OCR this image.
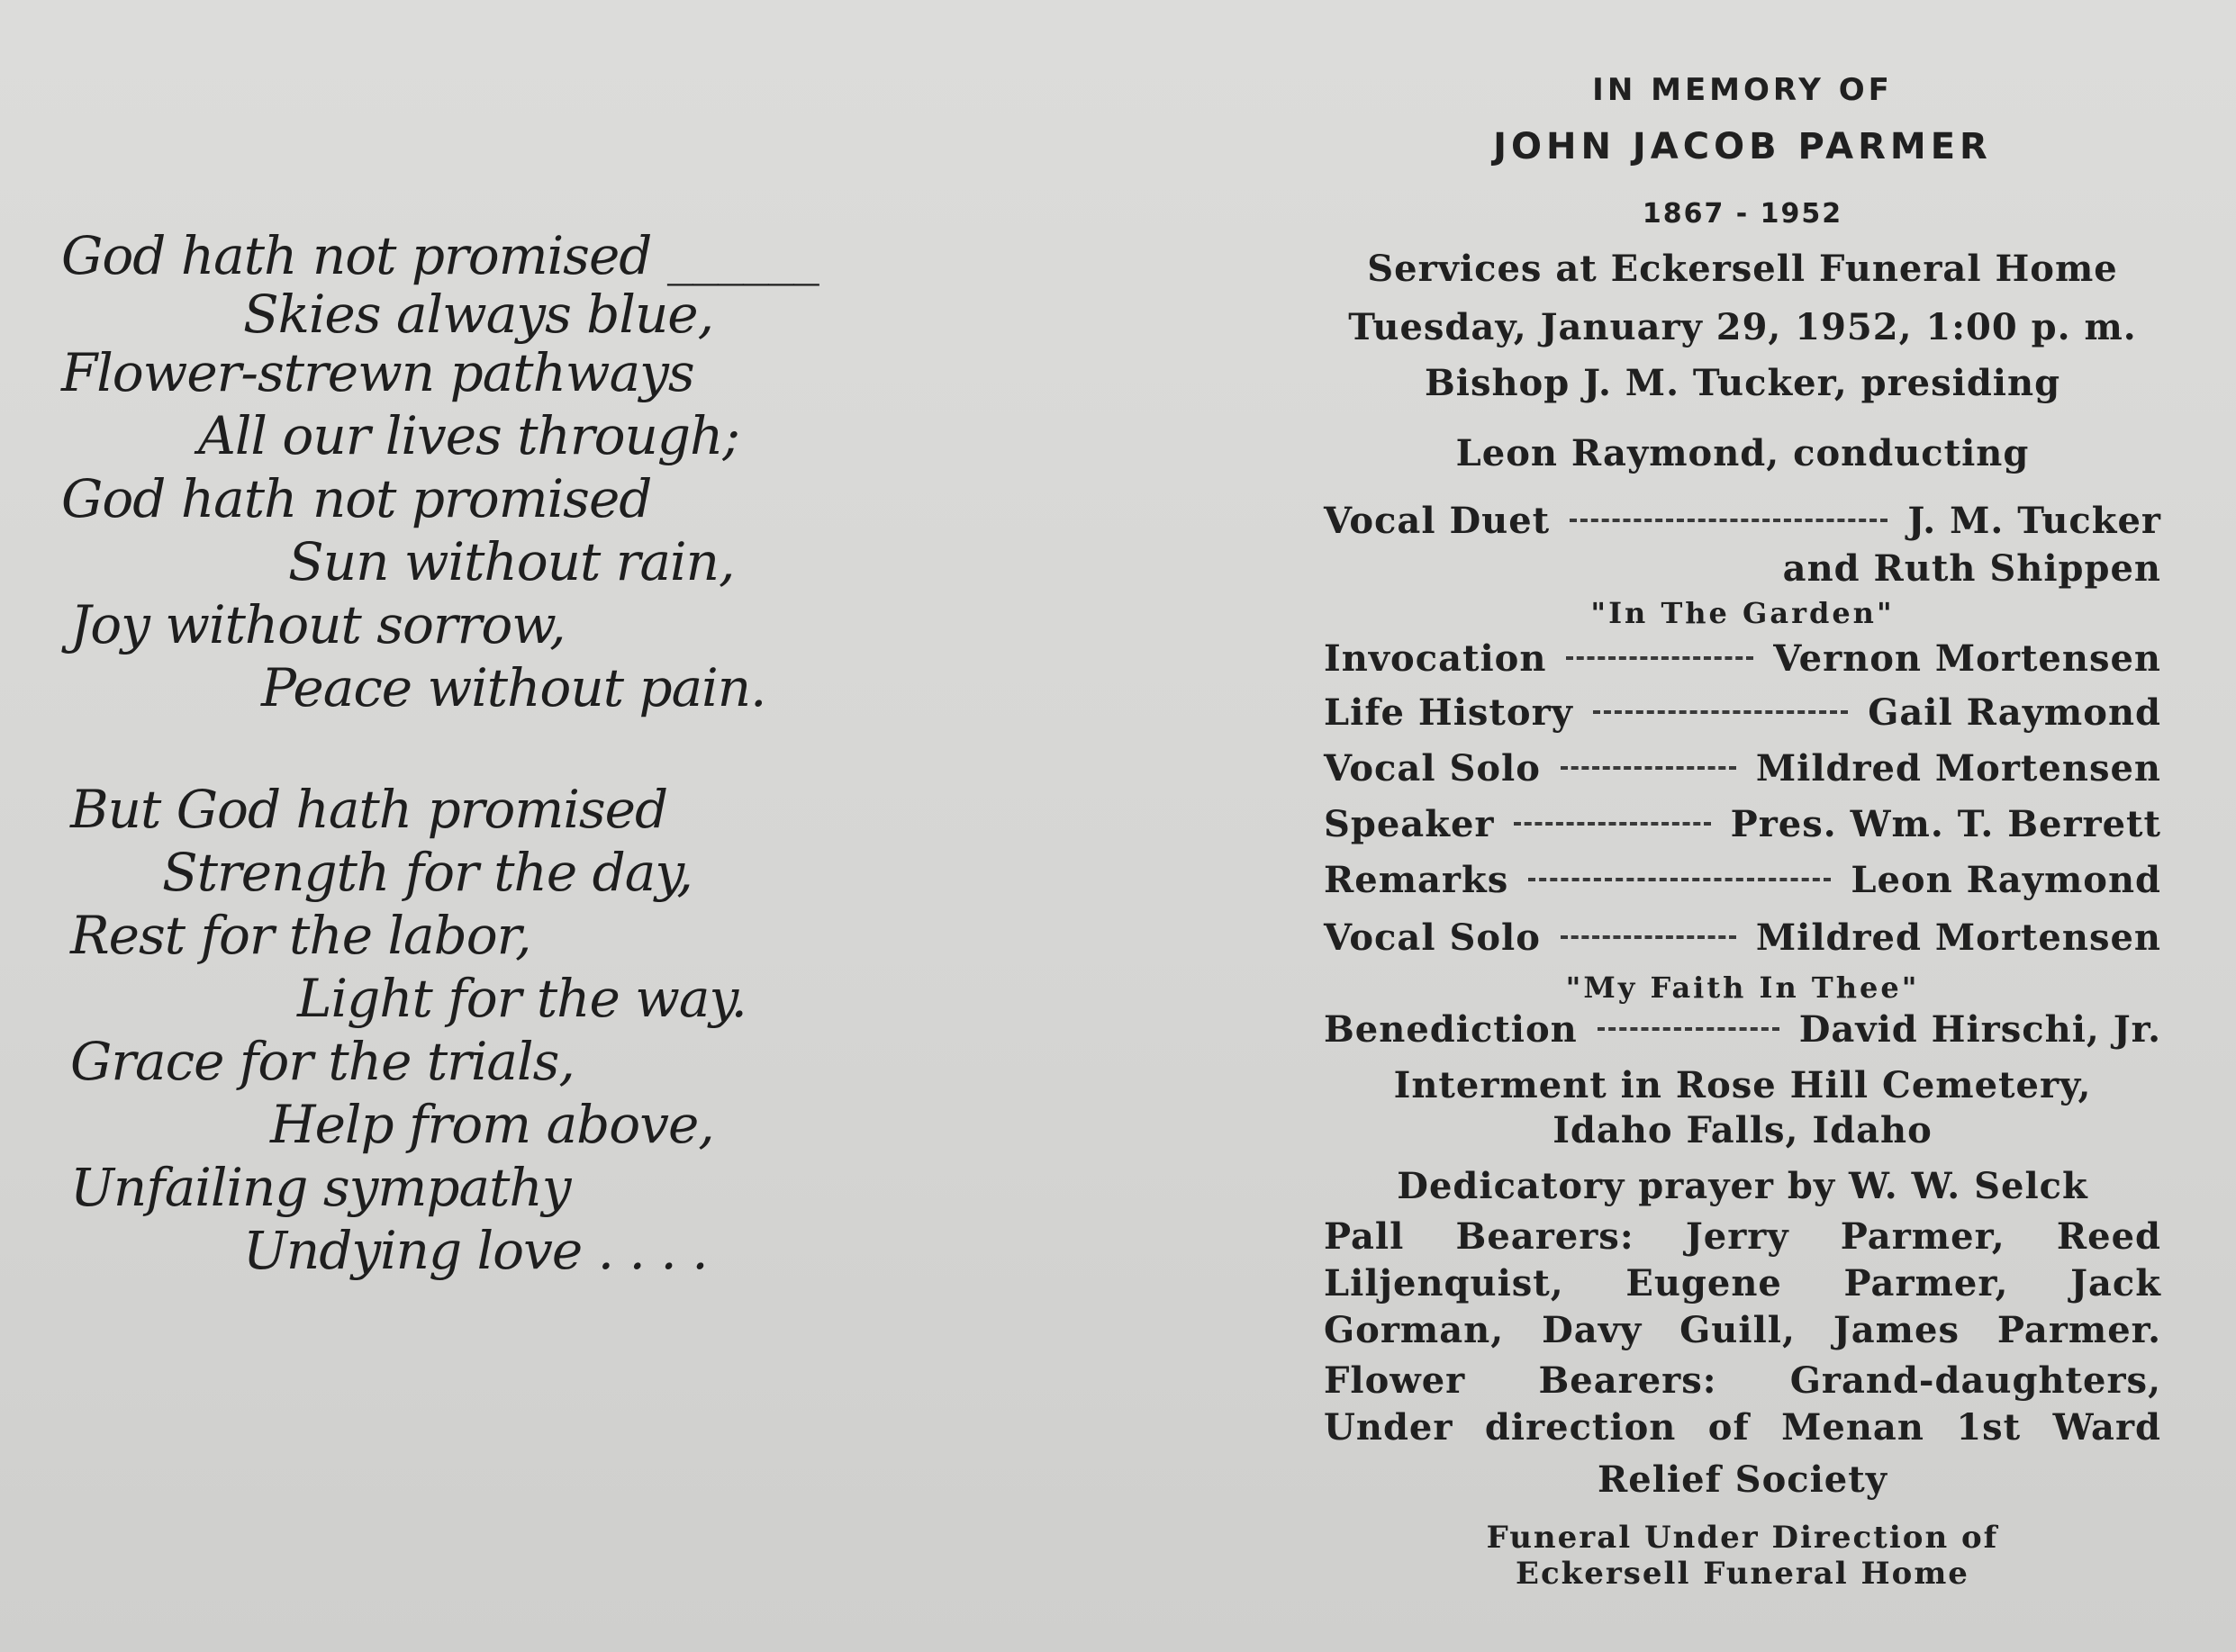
God hath not promised ______
Skies always blue,
Flower-strewn pathways
All our lives through;
God hath not promised
Sun without rain,
Joy without sorrow,
Peace without pain.
But God hath promised
Strength for the day,
Rest for the labor,
Light for the way.
Grace for the trials,
Help from above,
Unfailing sympathy
Undying love . . . .
IN MEMORY OF
JOHN JACOB PARMER
1867 - 1952
Services at Eckersell Funeral Home
Tuesday, January 29, 1952, 1:00 p. m.
Bishop J. M. Tucker, presiding
Leon Raymond, conducting
Vocal Duet	J. M. Tucker
and Ruth Shippen
"In The Garden"
Invocation	Vernon Mortensen
Life History	Gail Raymond
Vocal Solo	Mildred Mortensen
Speaker	Pres. Wm. T. Berrett
Remarks	Leon Raymond
Vocal Solo	Mildred Mortensen
"My Faith In Thee"
Benediction	David Hirschi, Jr.
Interment in Rose Hill Cemetery,
Idaho Falls, Idaho
Dedicatory prayer by W. W. Selck
Pall Bearers: Jerry Parmer, Reed
Liljenquist, Eugene Parmer, Jack
Gorman, Davy Guill, James Parmer.
Flower Bearers: Grand-daughters,
Under direction of Menan 1st Ward
Relief Society
Funeral Under Direction of
Eckersell Funeral Home
